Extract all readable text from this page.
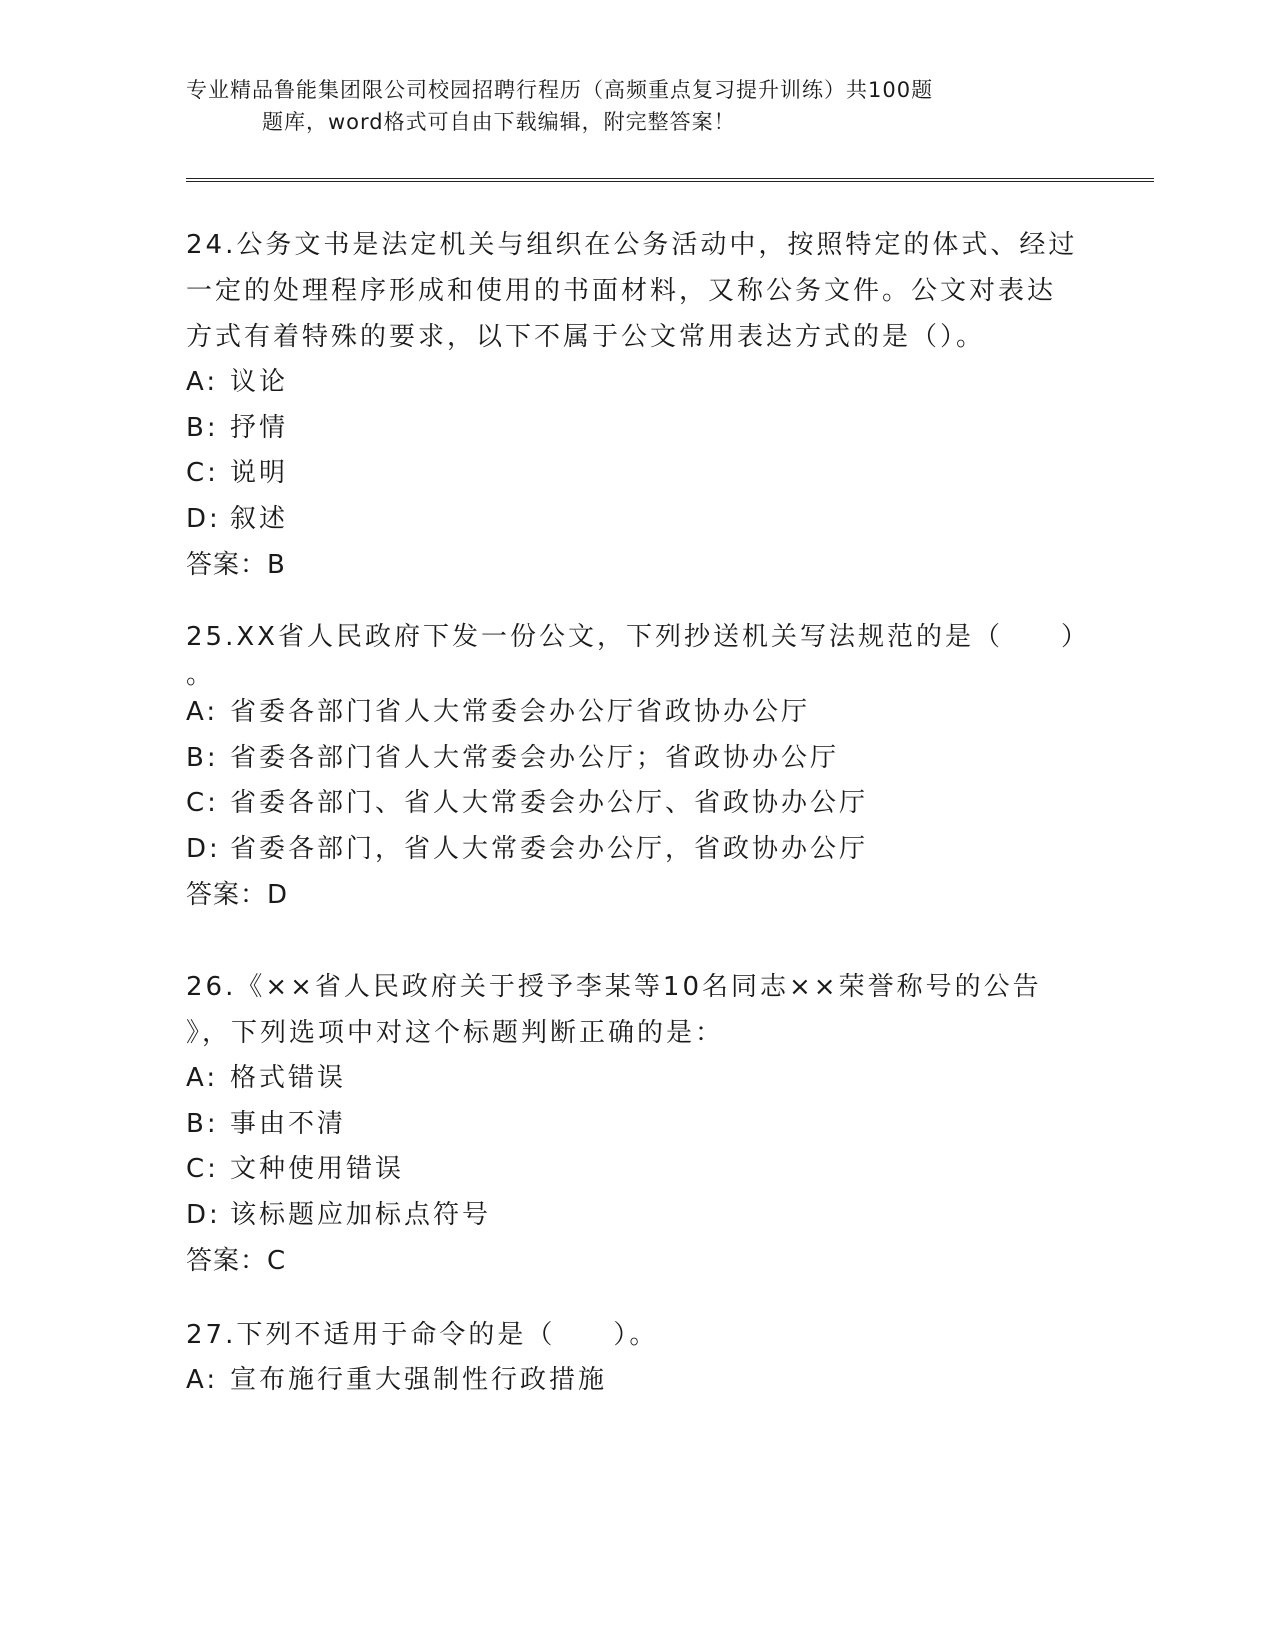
专业精品鲁能集团限公司校园招聘行程历（高频重点复习提升训练）共100题
题库，word格式可自由下载编辑，附完整答案！
24.公务文书是法定机关与组织在公务活动中，按照特定的体式、经过
一定的处理程序形成和使用的书面材料，又称公务文件。公文对表达
方式有着特殊的要求，以下不属于公文常用表达方式的是（）。
A: 议论
B: 抒情
C: 说明
D: 叙述
答案：B
25.XX省人民政府下发一份公文，下列抄送机关写法规范的是（　　）
。
A: 省委各部门省人大常委会办公厅省政协办公厅
B: 省委各部门省人大常委会办公厅；省政协办公厅
C: 省委各部门、省人大常委会办公厅、省政协办公厅
D: 省委各部门，省人大常委会办公厅，省政协办公厅
答案：D
26.《××省人民政府关于授予李某等10名同志××荣誉称号的公告
》，下列选项中对这个标题判断正确的是：
A: 格式错误
B: 事由不清
C: 文种使用错误
D: 该标题应加标点符号
答案：C
27.下列不适用于命令的是（　　）。
A: 宣布施行重大强制性行政措施
